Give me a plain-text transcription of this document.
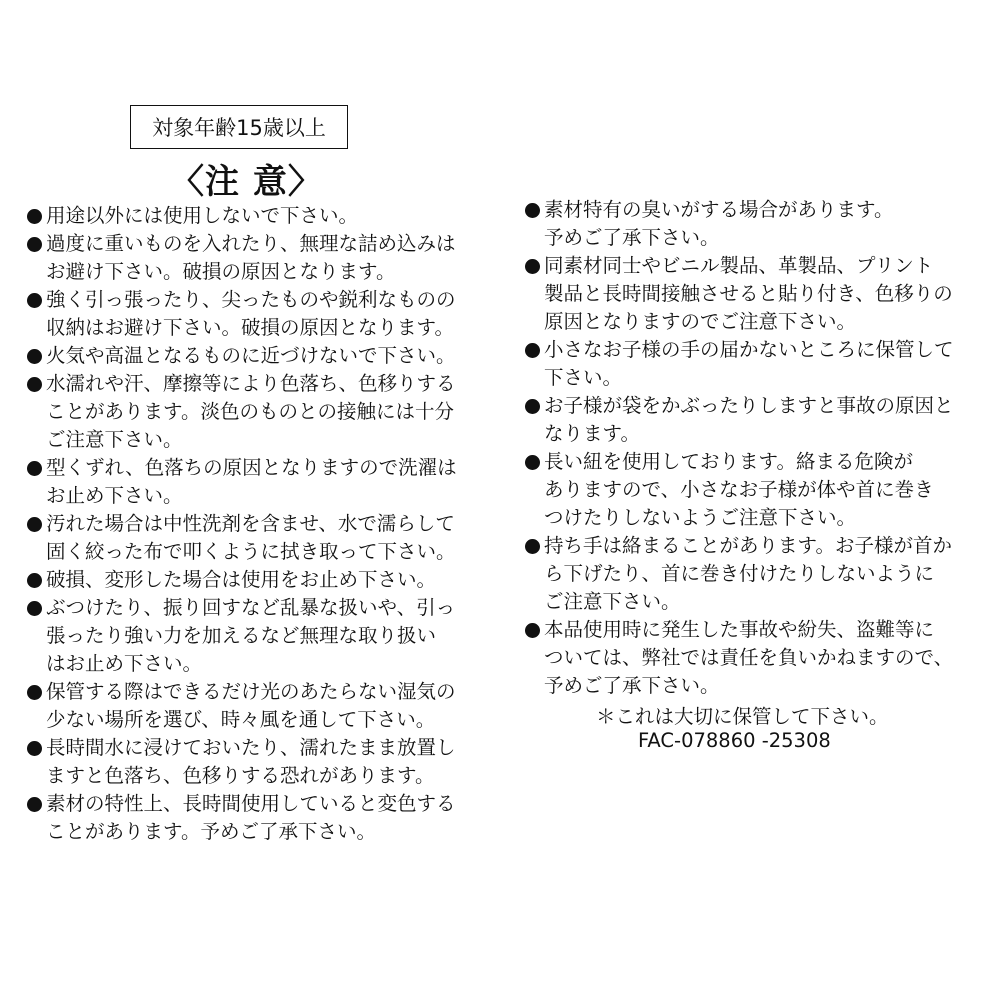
対象年齢15歳以上
〈注 意〉
用途以外には使用しないで下さい。
過度に重いものを入れたり、無理な詰め込みは
お避け下さい。破損の原因となります。
強く引っ張ったり、尖ったものや鋭利なものの
収納はお避け下さい。破損の原因となります。
火気や高温となるものに近づけないで下さい。
水濡れや汗、摩擦等により色落ち、色移りする
ことがあります。淡色のものとの接触には十分
ご注意下さい。
型くずれ、色落ちの原因となりますので洗濯は
お止め下さい。
汚れた場合は中性洗剤を含ませ、水で濡らして
固く絞った布で叩くように拭き取って下さい。
破損、変形した場合は使用をお止め下さい。
ぶつけたり、振り回すなど乱暴な扱いや、引っ
張ったり強い力を加えるなど無理な取り扱い
はお止め下さい。
保管する際はできるだけ光のあたらない湿気の
少ない場所を選び、時々風を通して下さい。
長時間水に浸けておいたり、濡れたまま放置し
ますと色落ち、色移りする恐れがあります。
素材の特性上、長時間使用していると変色する
ことがあります。予めご了承下さい。
素材特有の臭いがする場合があります。
予めご了承下さい。
同素材同士やビニル製品、革製品、プリント
製品と長時間接触させると貼り付き、色移りの
原因となりますのでご注意下さい。
小さなお子様の手の届かないところに保管して
下さい。
お子様が袋をかぶったりしますと事故の原因と
なります。
長い紐を使用しております。絡まる危険が
ありますので、小さなお子様が体や首に巻き
つけたりしないようご注意下さい。
持ち手は絡まることがあります。お子様が首か
ら下げたり、首に巻き付けたりしないように
ご注意下さい。
本品使用時に発生した事故や紛失、盗難等に
ついては、弊社では責任を負いかねますので、
予めご了承下さい。
＊これは大切に保管して下さい。
FAC-078860 -25308
